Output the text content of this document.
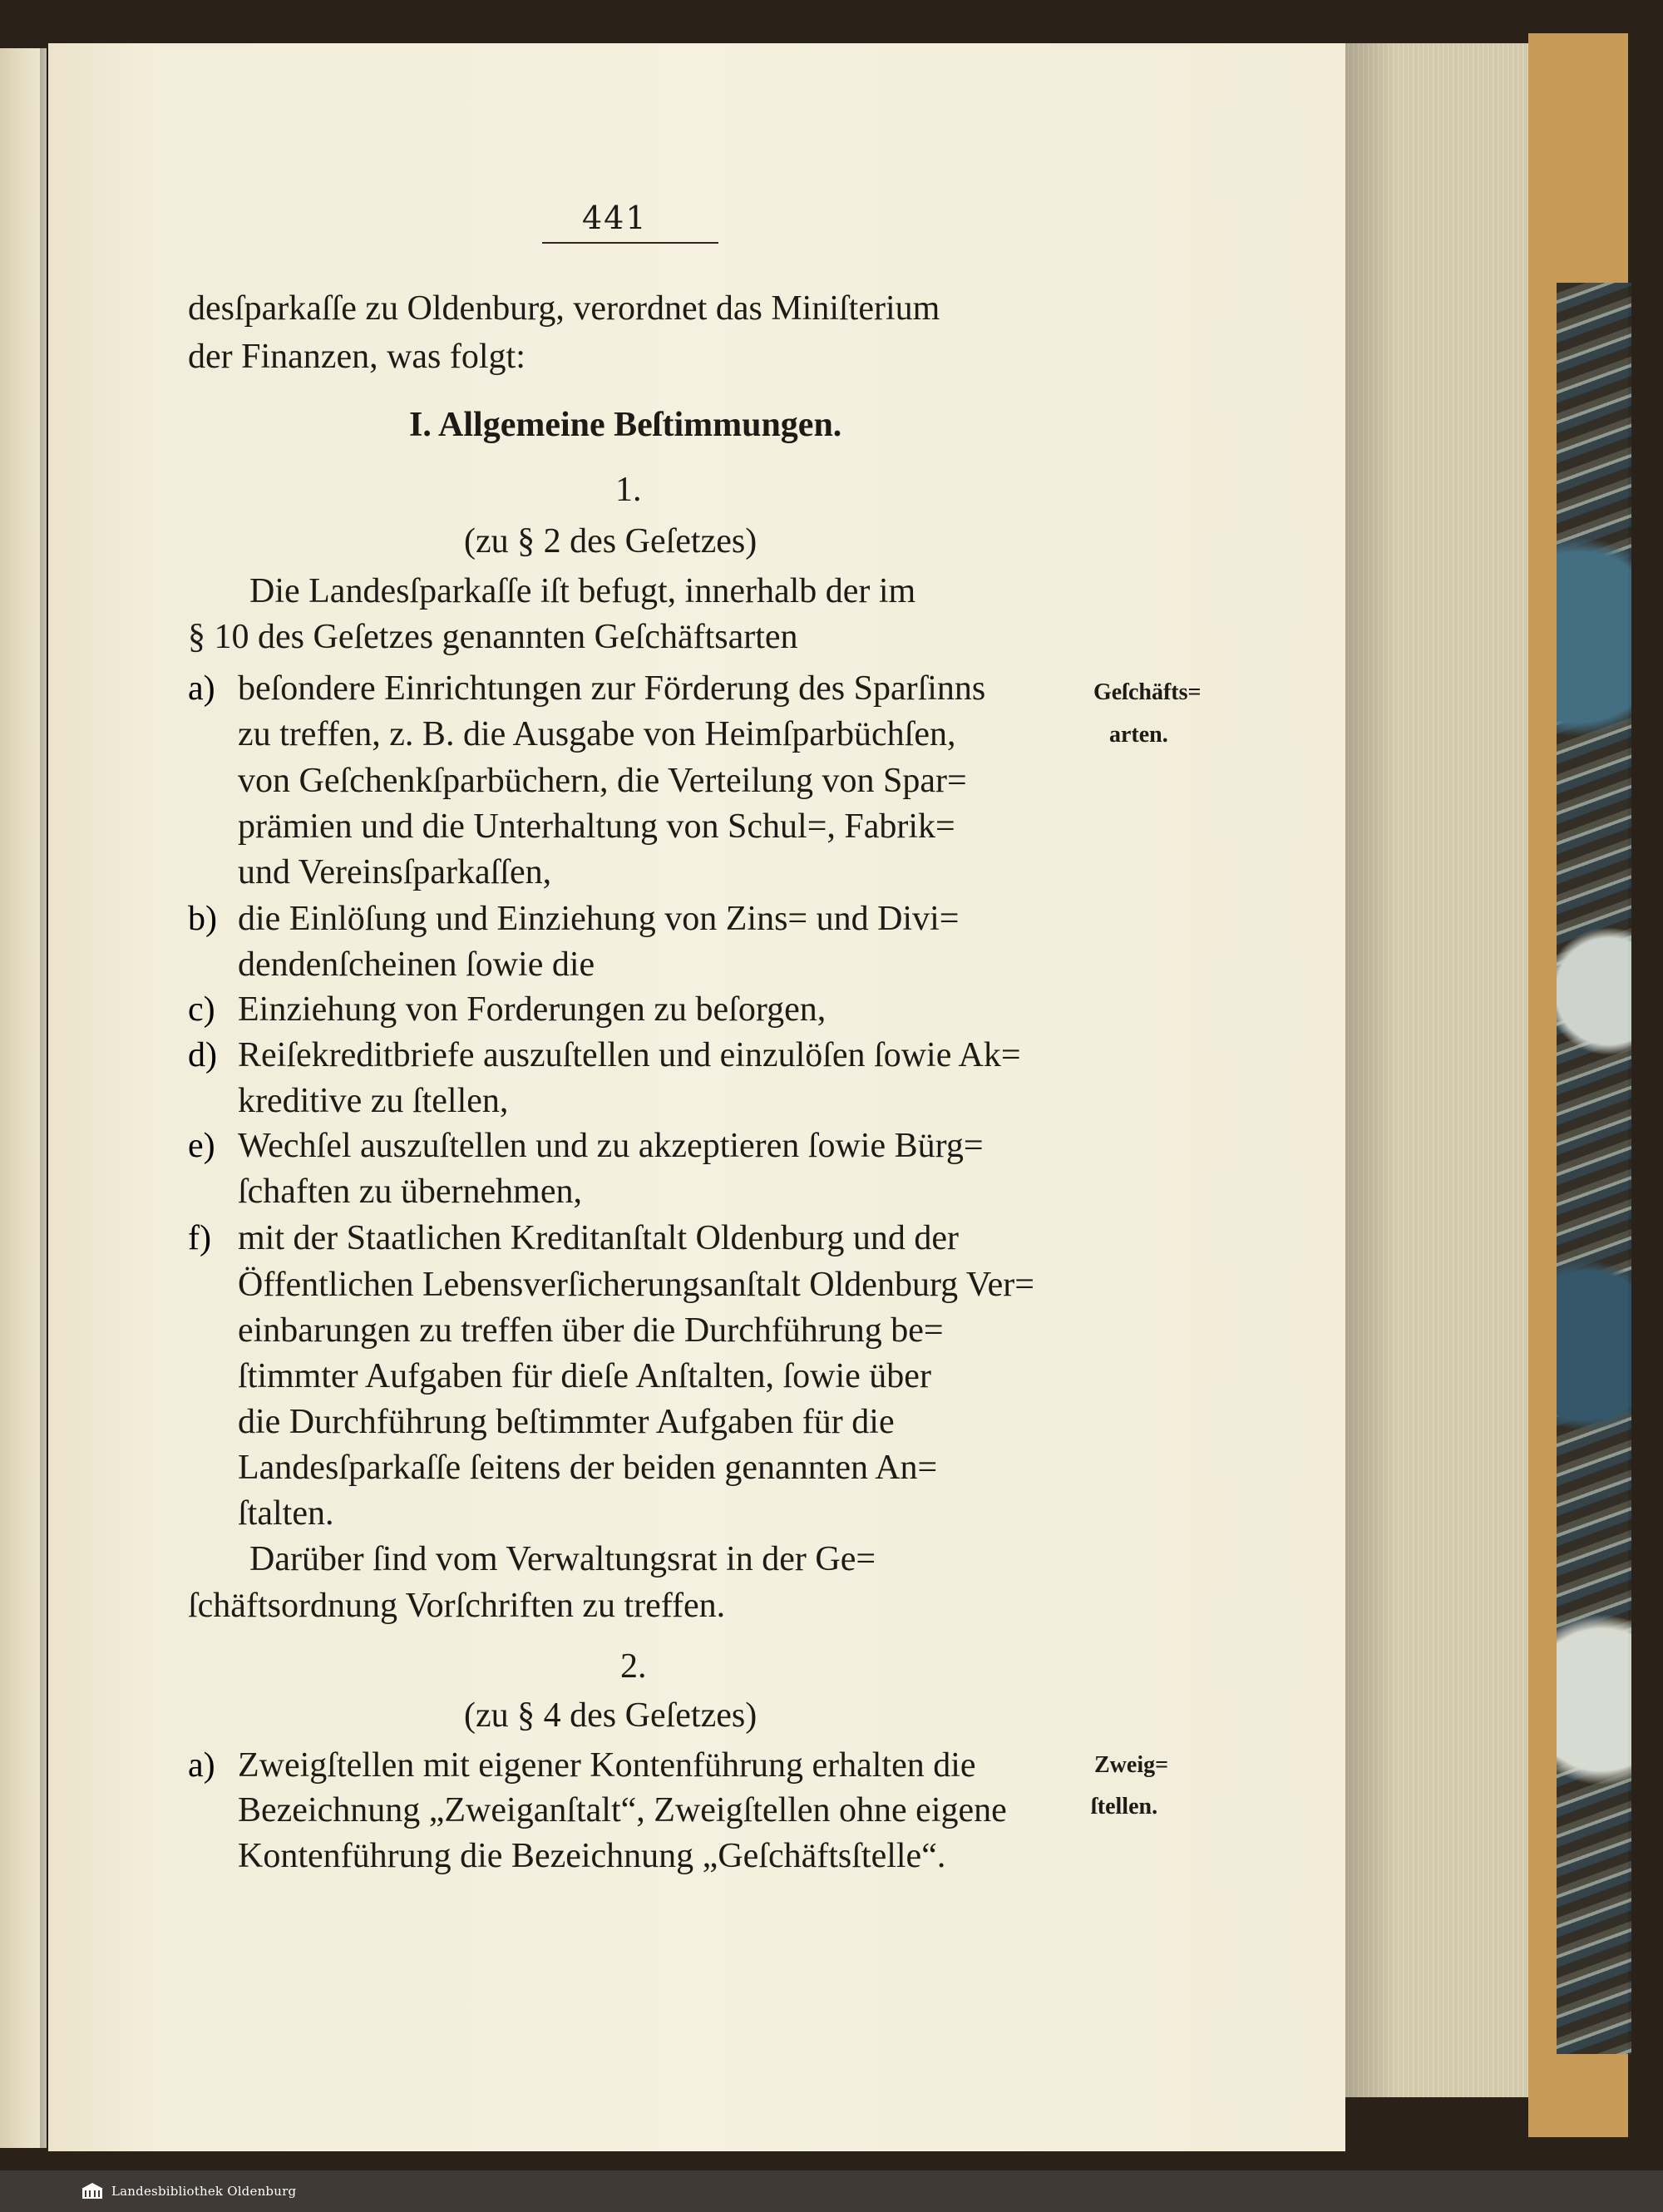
441
desſparkaſſe zu Oldenburg, verordnet das Miniſterium
der Finanzen, was folgt:
I. Allgemeine Beſtimmungen.
1.
(zu § 2 des Geſetzes)
Die Landesſparkaſſe iſt befugt, innerhalb der im
§ 10 des Geſetzes genannten Geſchäftsarten
a) beſondere Einrichtungen zur Förderung des Sparſinns
zu treffen, z. B. die Ausgabe von Heimſparbüchſen,
von Geſchenkſparbüchern, die Verteilung von Spar=
prämien und die Unterhaltung von Schul=, Fabrik=
und Vereinsſparkaſſen,
b) die Einlöſung und Einziehung von Zins= und Divi=
dendenſcheinen ſowie die
c) Einziehung von Forderungen zu beſorgen,
d) Reiſekreditbriefe auszuſtellen und einzulöſen ſowie Ak=
kreditive zu ſtellen,
e) Wechſel auszuſtellen und zu akzeptieren ſowie Bürg=
ſchaften zu übernehmen,
f) mit der Staatlichen Kreditanſtalt Oldenburg und der
Öffentlichen Lebensverſicherungsanſtalt Oldenburg Ver=
einbarungen zu treffen über die Durchführung be=
ſtimmter Aufgaben für dieſe Anſtalten, ſowie über
die Durchführung beſtimmter Aufgaben für die
Landesſparkaſſe ſeitens der beiden genannten An=
ſtalten.
Darüber ſind vom Verwaltungsrat in der Ge=
ſchäftsordnung Vorſchriften zu treffen.
2.
(zu § 4 des Geſetzes)
a) Zweigſtellen mit eigener Kontenführung erhalten die
Bezeichnung „Zweiganſtalt“, Zweigſtellen ohne eigene
Kontenführung die Bezeichnung „Geſchäftsſtelle“.
Geſchäfts=
arten.
Zweig=
ſtellen.
Landesbibliothek Oldenburg
